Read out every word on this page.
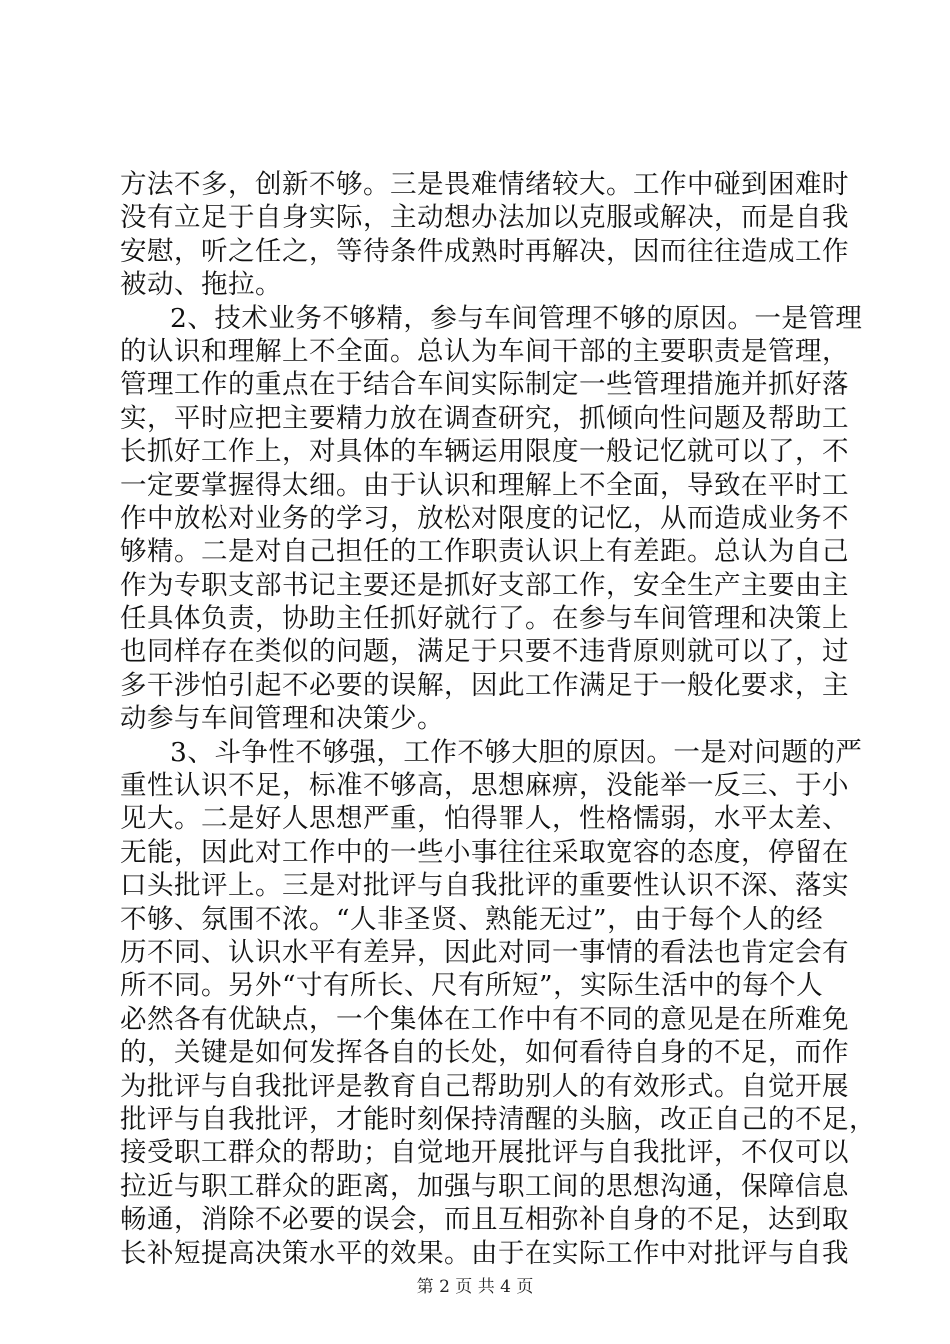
方法不多，创新不够。三是畏难情绪较大。工作中碰到困难时
没有立足于自身实际，主动想办法加以克服或解决，而是自我
安慰，听之任之，等待条件成熟时再解决，因而往往造成工作
被动、拖拉。
2、技术业务不够精，参与车间管理不够的原因。一是管理
的认识和理解上不全面。总认为车间干部的主要职责是管理，
管理工作的重点在于结合车间实际制定一些管理措施并抓好落
实，平时应把主要精力放在调查研究，抓倾向性问题及帮助工
长抓好工作上，对具体的车辆运用限度一般记忆就可以了，不
一定要掌握得太细。由于认识和理解上不全面，导致在平时工
作中放松对业务的学习，放松对限度的记忆，从而造成业务不
够精。二是对自己担任的工作职责认识上有差距。总认为自己
作为专职支部书记主要还是抓好支部工作，安全生产主要由主
任具体负责，协助主任抓好就行了。在参与车间管理和决策上
也同样存在类似的问题，满足于只要不违背原则就可以了，过
多干涉怕引起不必要的误解，因此工作满足于一般化要求，主
动参与车间管理和决策少。
3、斗争性不够强，工作不够大胆的原因。一是对问题的严
重性认识不足，标准不够高，思想麻痹，没能举一反三、于小
见大。二是好人思想严重，怕得罪人，性格懦弱，水平太差、
无能，因此对工作中的一些小事往往采取宽容的态度，停留在
口头批评上。三是对批评与自我批评的重要性认识不深、落实
不够、氛围不浓。“人非圣贤、熟能无过”，由于每个人的经
历不同、认识水平有差异，因此对同一事情的看法也肯定会有
所不同。另外“寸有所长、尺有所短”，实际生活中的每个人
必然各有优缺点，一个集体在工作中有不同的意见是在所难免
的，关键是如何发挥各自的长处，如何看待自身的不足，而作
为批评与自我批评是教育自己帮助别人的有效形式。自觉开展
批评与自我批评，才能时刻保持清醒的头脑，改正自己的不足，
接受职工群众的帮助；自觉地开展批评与自我批评，不仅可以
拉近与职工群众的距离，加强与职工间的思想沟通，保障信息
畅通，消除不必要的误会，而且互相弥补自身的不足，达到取
长补短提高决策水平的效果。由于在实际工作中对批评与自我
第 2 页 共 4 页
